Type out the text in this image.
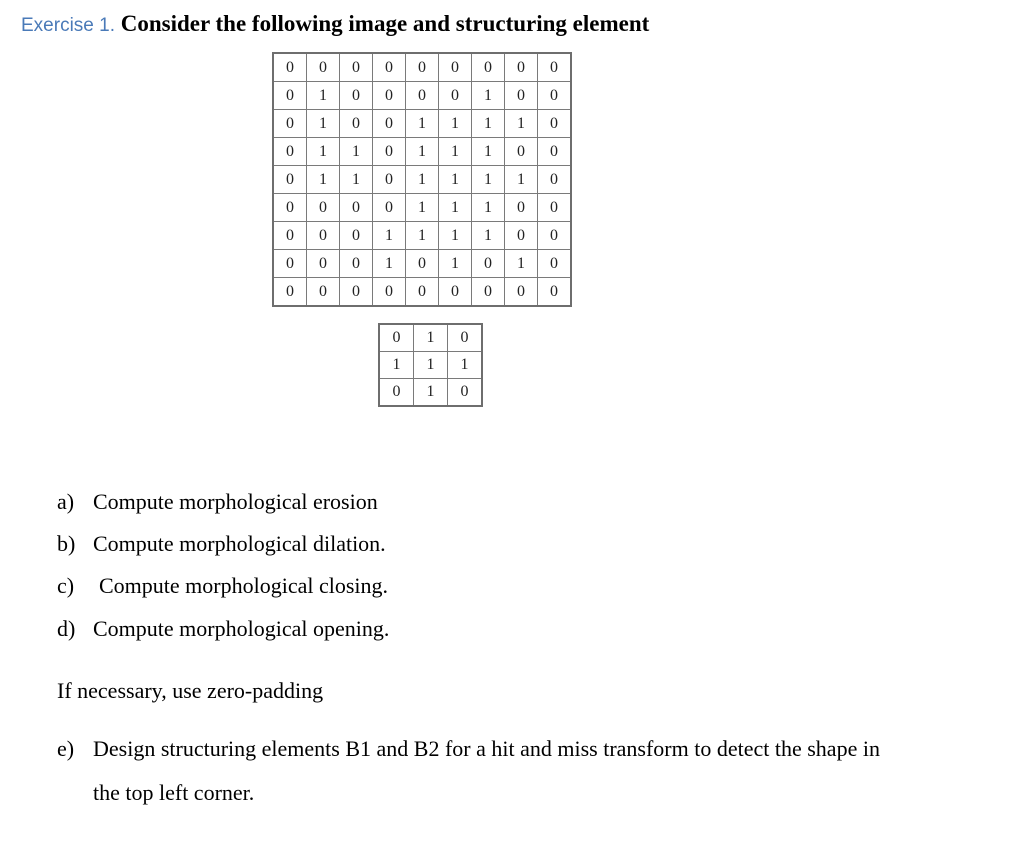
Exercise 1. Consider the following image and structuring element
0	0	0	0	0	0	0	0	0
0	1	0	0	0	0	1	0	0
0	1	0	0	1	1	1	1	0
0	1	1	0	1	1	1	0	0
0	1	1	0	1	1	1	1	0
0	0	0	0	1	1	1	0	0
0	0	0	1	1	1	1	0	0
0	0	0	1	0	1	0	1	0
0	0	0	0	0	0	0	0	0
0	1	0
1	1	1
0	1	0
a) Compute morphological erosion
b) Compute morphological dilation.
c) Compute morphological closing.
d) Compute morphological opening.
If necessary, use zero-padding
e) Design structuring elements B1 and B2 for a hit and miss transform to detect the shape in
the top left corner.
